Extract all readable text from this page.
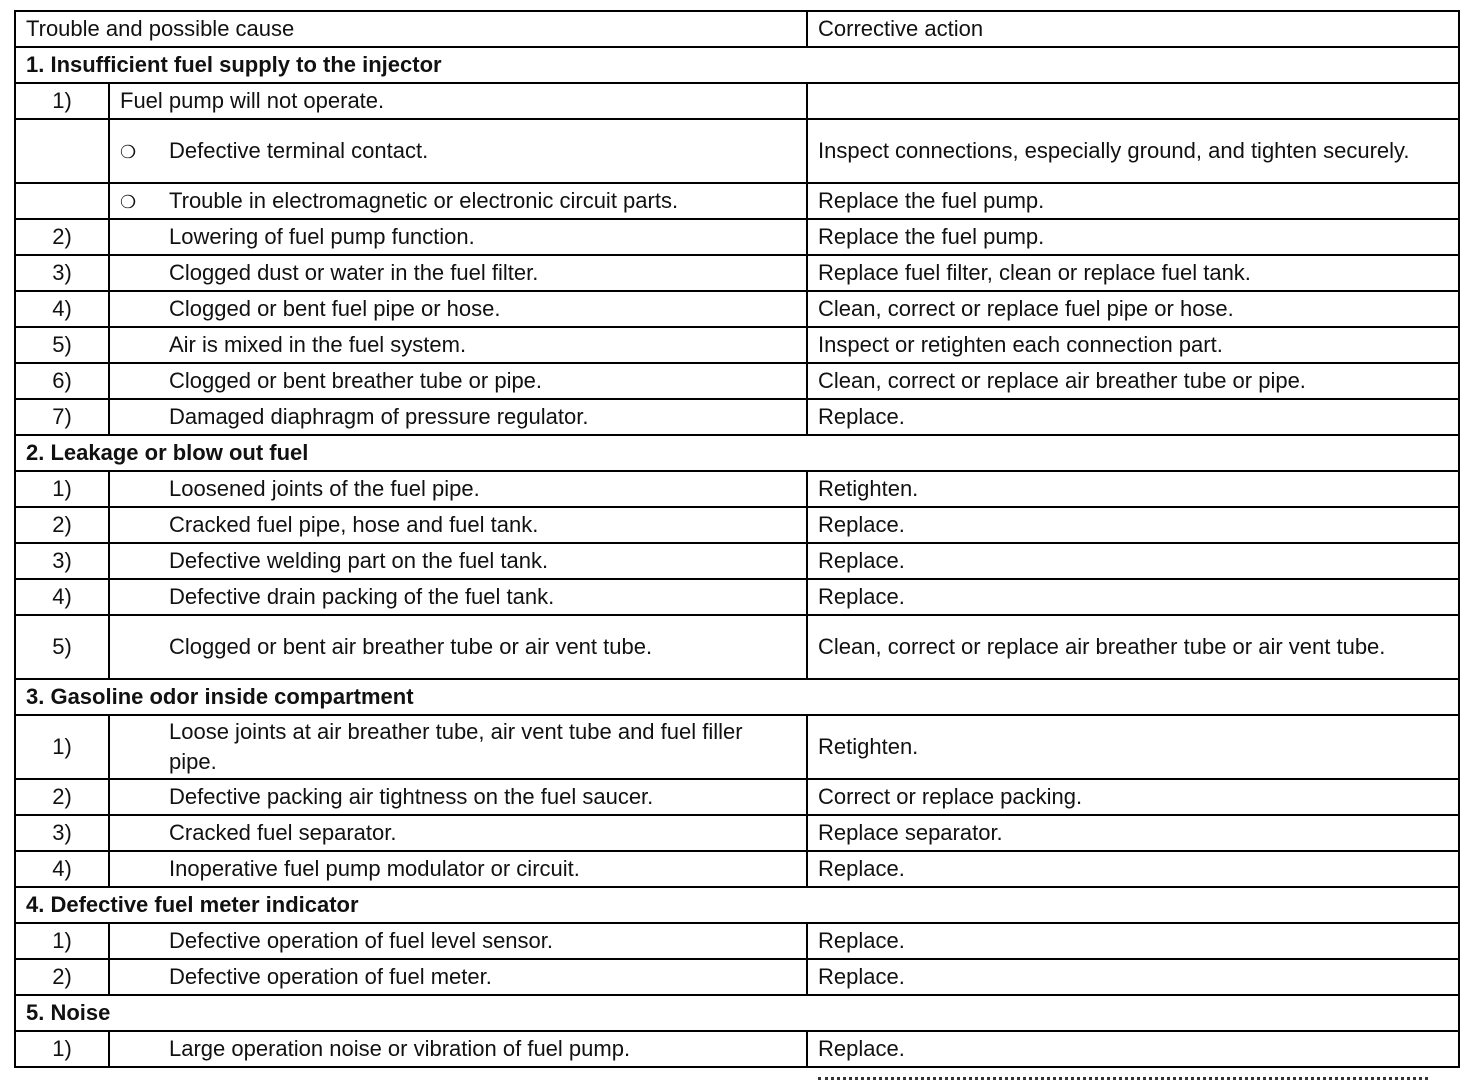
Trouble and possible cause			Corrective action
1. Insufficient fuel supply to the injector			
1)	Fuel pump will not operate.		
	❍	Defective terminal contact.	Inspect connections, especially ground, and tighten securely.
	❍	Trouble in electromagnetic or electronic circuit parts.	Replace the fuel pump.
2)	Lowering of fuel pump function.		Replace the fuel pump.
3)	Clogged dust or water in the fuel filter.		Replace fuel filter, clean or replace fuel tank.
4)	Clogged or bent fuel pipe or hose.		Clean, correct or replace fuel pipe or hose.
5)	Air is mixed in the fuel system.		Inspect or retighten each connection part.
6)	Clogged or bent breather tube or pipe.		Clean, correct or replace air breather tube or pipe.
7)	Damaged diaphragm of pressure regulator.		Replace.
2. Leakage or blow out fuel			
1)	Loosened joints of the fuel pipe.		Retighten.
2)	Cracked fuel pipe, hose and fuel tank.		Replace.
3)	Defective welding part on the fuel tank.		Replace.
4)	Defective drain packing of the fuel tank.		Replace.
5)	Clogged or bent air breather tube or air vent tube.		Clean, correct or replace air breather tube or air vent tube.
3. Gasoline odor inside compartment			
1)	Loose joints at air breather tube, air vent tube and fuel filler pipe.		Retighten.
2)	Defective packing air tightness on the fuel saucer.		Correct or replace packing.
3)	Cracked fuel separator.		Replace separator.
4)	Inoperative fuel pump modulator or circuit.		Replace.
4. Defective fuel meter indicator			
1)	Defective operation of fuel level sensor.		Replace.
2)	Defective operation of fuel meter.		Replace.
5. Noise			
1)	Large operation noise or vibration of fuel pump.		Replace.
